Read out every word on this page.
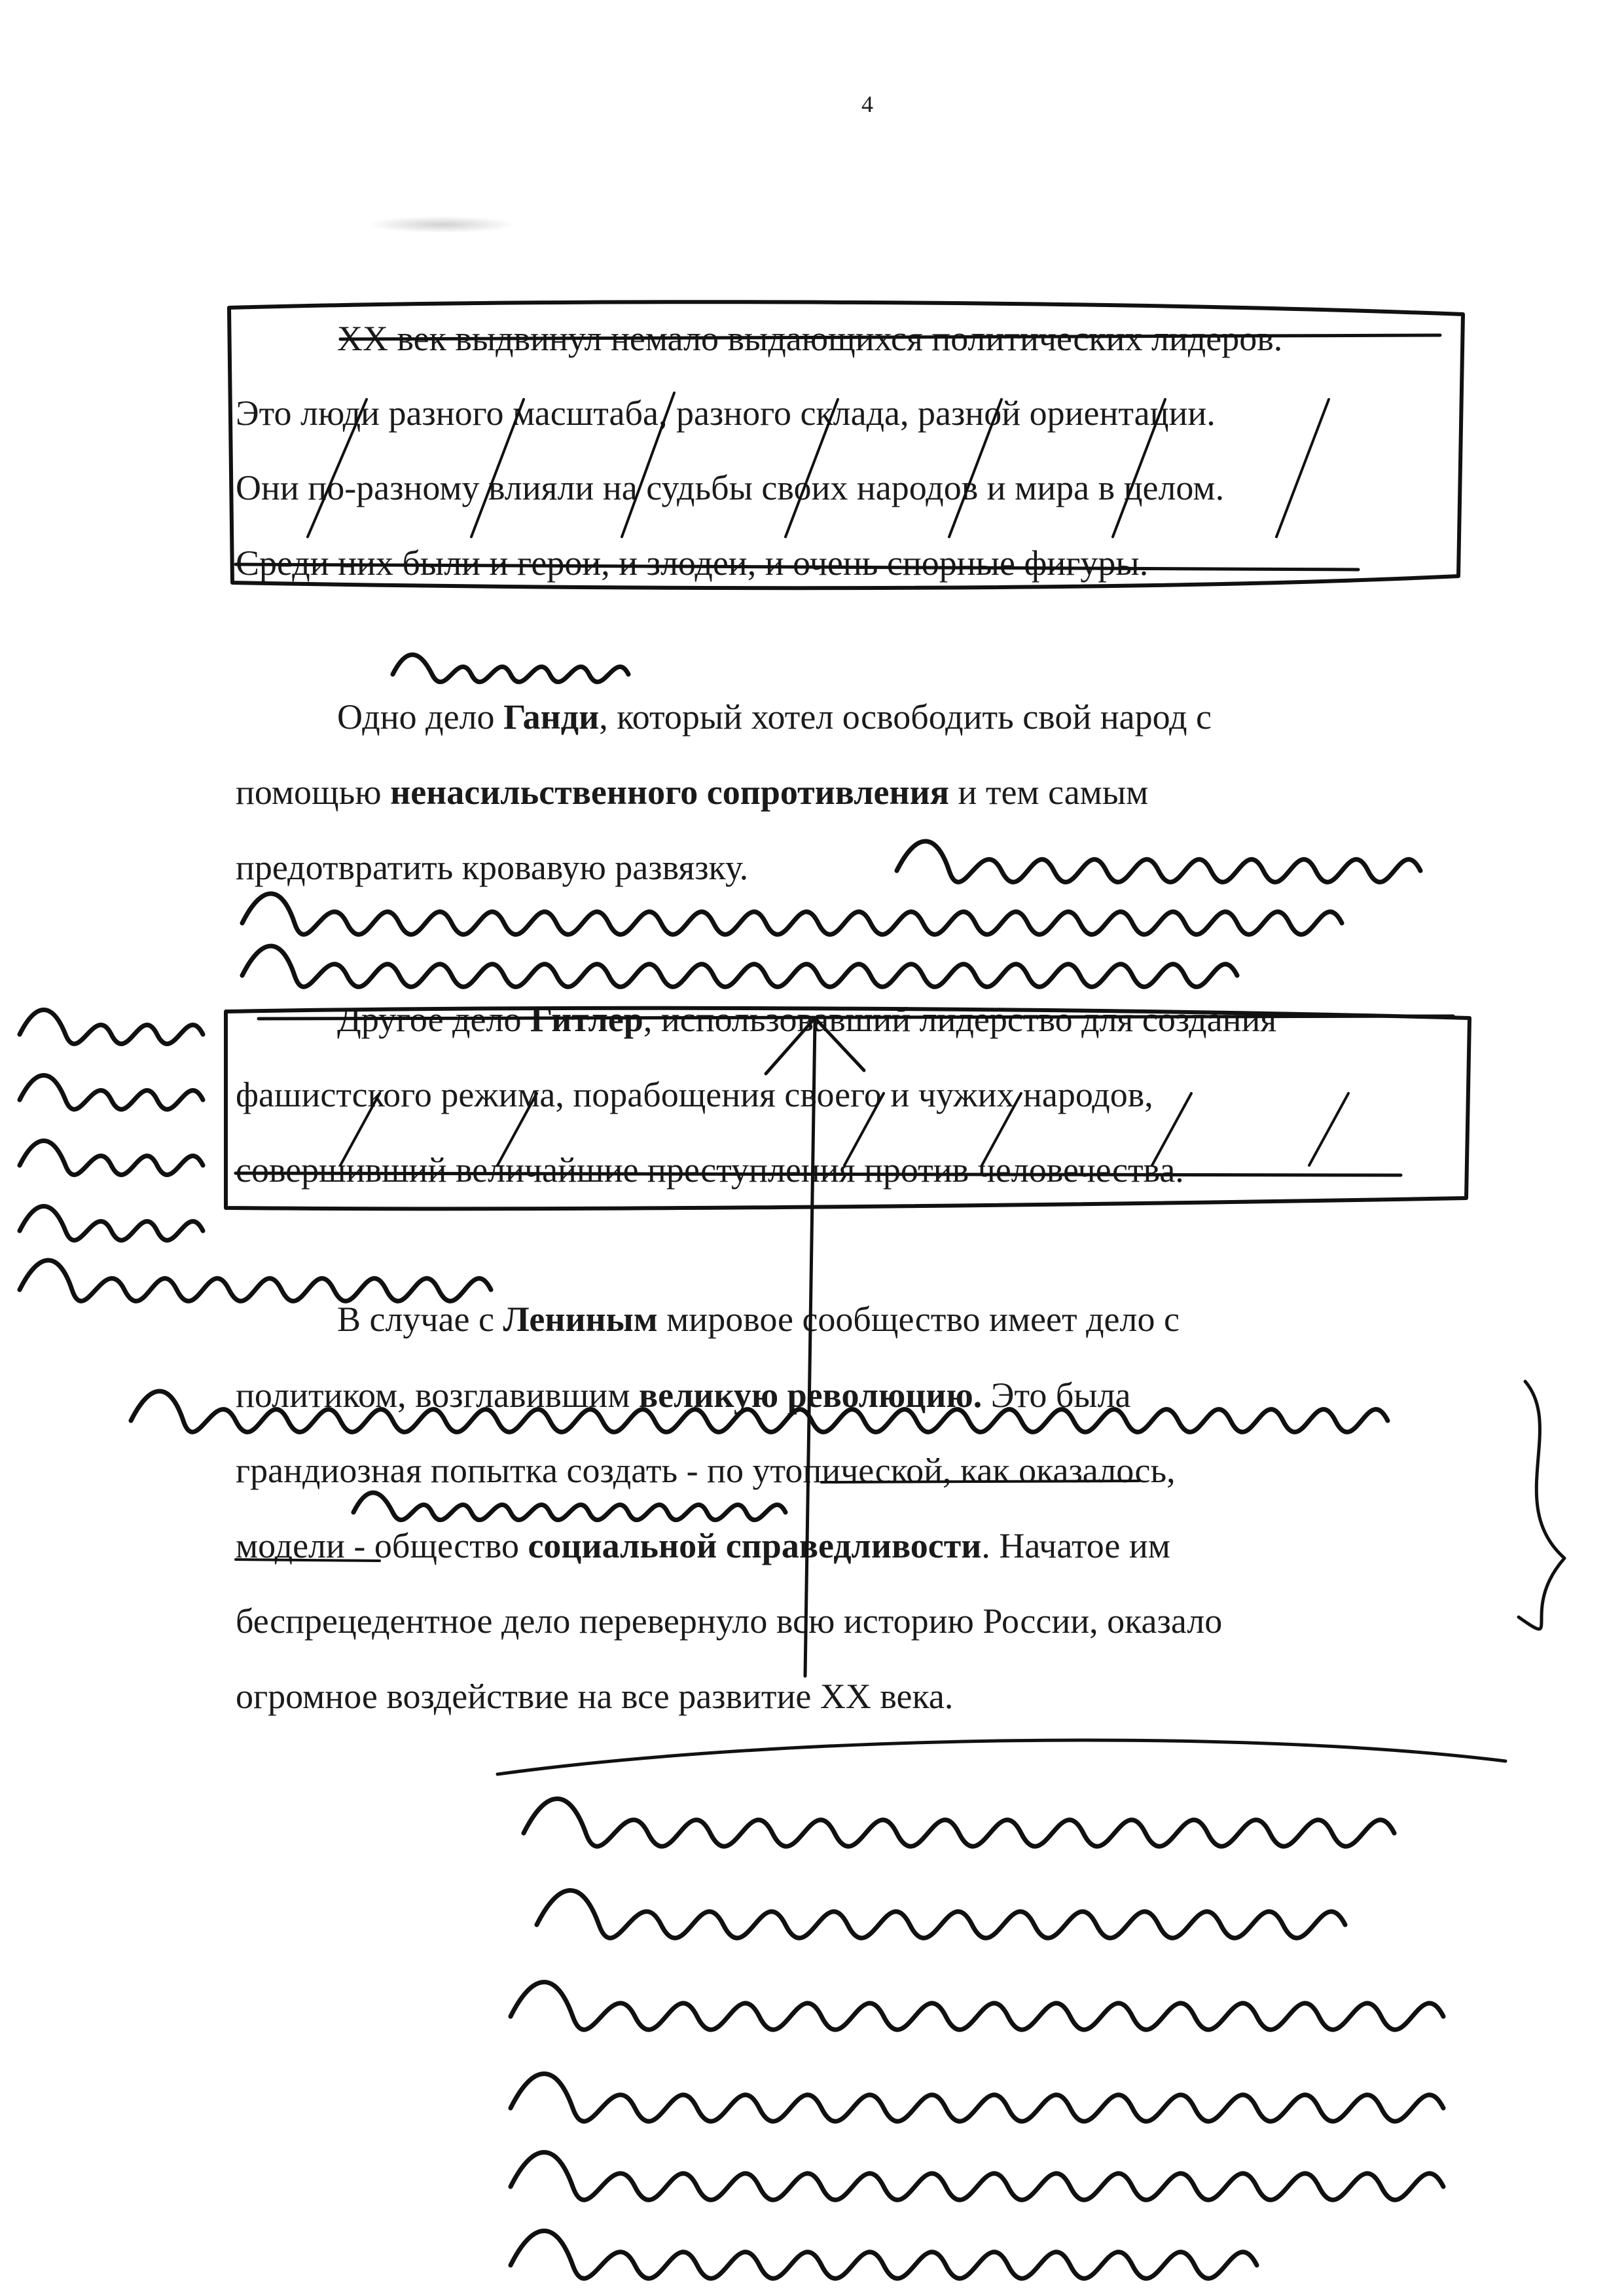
4
XX век выдвинул немало выдающихся политических лидеров.
Это люди разного масштаба, разного склада, разной ориентации.
Они по-разному влияли на судьбы своих народов и мира в целом.
Среди них были и герои, и злодеи, и очень спорные фигуры.
Одно дело Ганди, который хотел освободить свой народ с
помощью ненасильственного сопротивления и тем самым
предотвратить кровавую развязку.
Другое дело Гитлер, использовавший лидерство для создания
фашистского режима, порабощения своего и чужих народов,
совершивший величайшие преступления против человечества.
В случае с Лениным мировое сообщество имеет дело с
политиком, возглавившим великую революцию. Это была
грандиозная попытка создать - по утопической, как оказалось,
модели - общество социальной справедливости. Начатое им
беспрецедентное дело перевернуло всю историю России, оказало
огромное воздействие на все развитие XX века.
